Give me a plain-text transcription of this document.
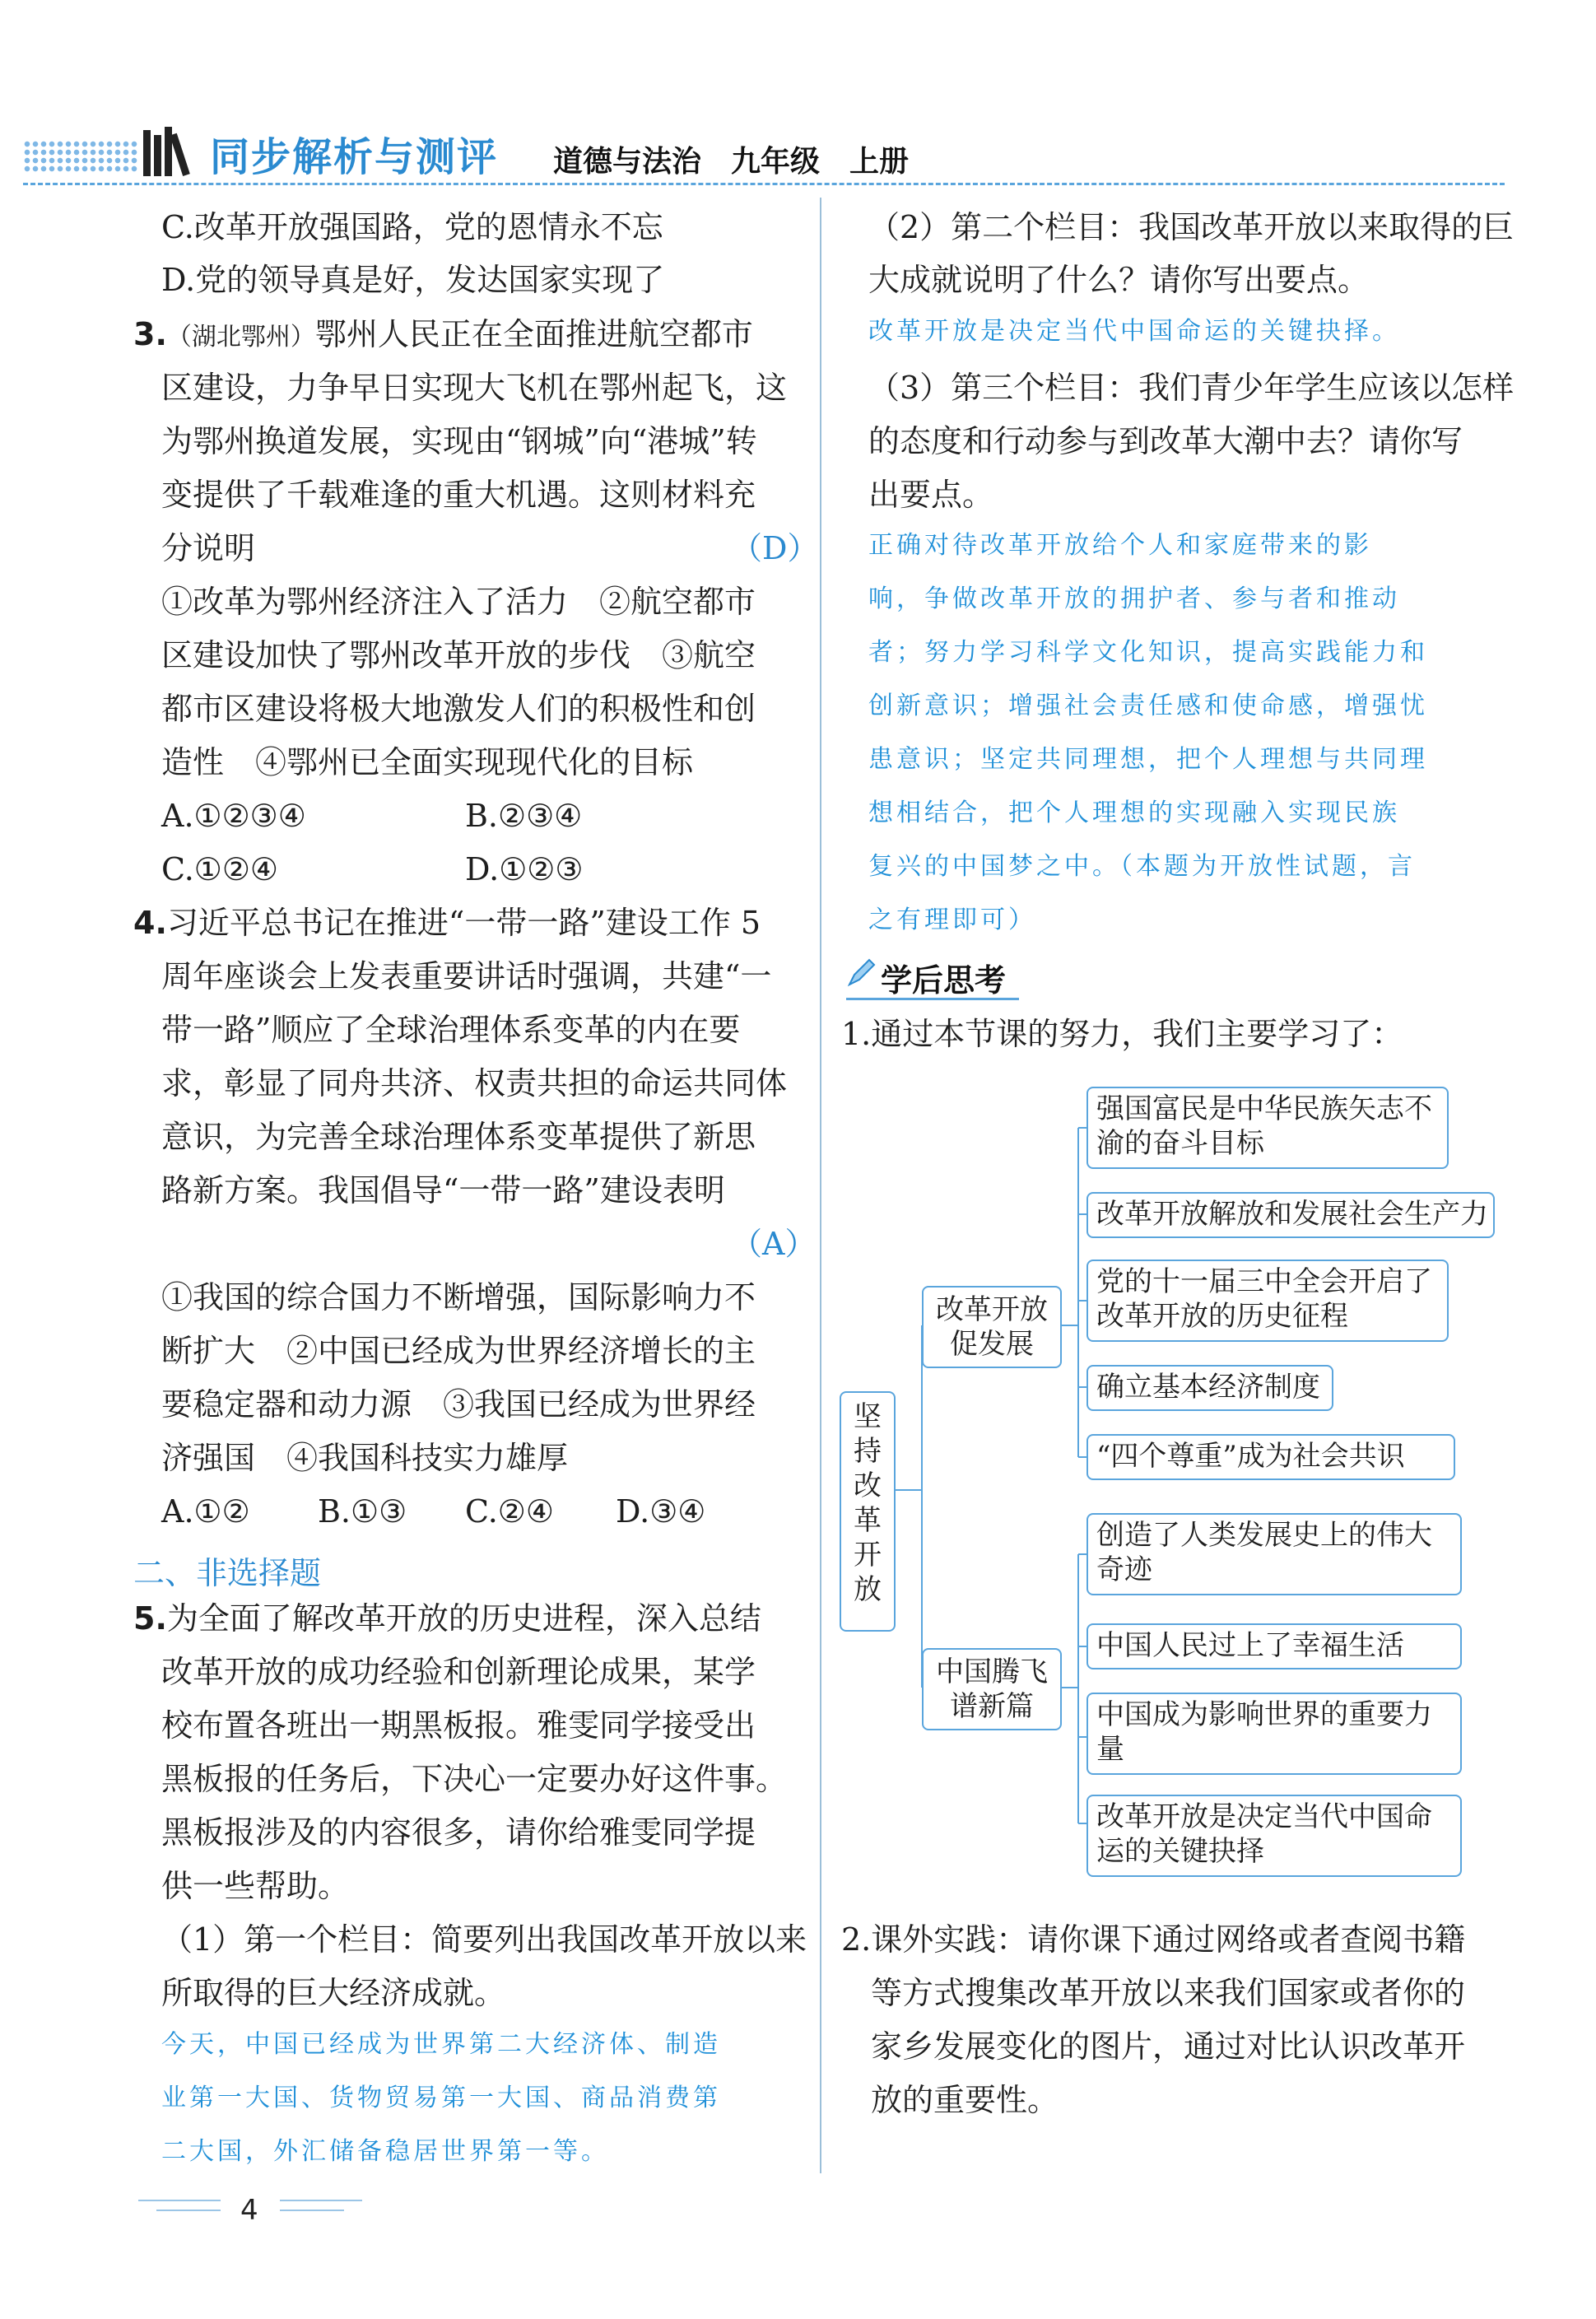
同步解析与测评 道德与法治　九年级　上册
C.改革开放强国路，党的恩情永不忘
D.党的领导真是好，发达国家实现了
3.（湖北鄂州）鄂州人民正在全面推进航空都市
区建设，力争早日实现大飞机在鄂州起飞，这
为鄂州换道发展，实现由“钢城”向“港城”转
变提供了千载难逢的重大机遇。这则材料充
分说明	（D）
①改革为鄂州经济注入了活力　②航空都市
区建设加快了鄂州改革开放的步伐　③航空
都市区建设将极大地激发人们的积极性和创
造性　④鄂州已全面实现现代化的目标
A.①②③④	B.②③④
C.①②④	D.①②③
4.习近平总书记在推进“一带一路”建设工作 5
周年座谈会上发表重要讲话时强调，共建“一
带一路”顺应了全球治理体系变革的内在要
求，彰显了同舟共济、权责共担的命运共同体
意识，为完善全球治理体系变革提供了新思
路新方案。我国倡导“一带一路”建设表明
（A）
①我国的综合国力不断增强，国际影响力不
断扩大　②中国已经成为世界经济增长的主
要稳定器和动力源　③我国已经成为世界经
济强国　④我国科技实力雄厚
A.①② B.①③ C.②④ D.③④
二、非选择题
5.为全面了解改革开放的历史进程，深入总结
改革开放的成功经验和创新理论成果，某学
校布置各班出一期黑板报。雅雯同学接受出
黑板报的任务后，下决心一定要办好这件事。
黑板报涉及的内容很多，请你给雅雯同学提
供一些帮助。
（1）第一个栏目：简要列出我国改革开放以来
所取得的巨大经济成就。
今天，中国已经成为世界第二大经济体、制造
业第一大国、货物贸易第一大国、商品消费第
二大国，外汇储备稳居世界第一等。
（2）第二个栏目：我国改革开放以来取得的巨
大成就说明了什么？请你写出要点。
改革开放是决定当代中国命运的关键抉择。
（3）第三个栏目：我们青少年学生应该以怎样
的态度和行动参与到改革大潮中去？请你写
出要点。
正确对待改革开放给个人和家庭带来的影
响，争做改革开放的拥护者、参与者和推动
者；努力学习科学文化知识，提高实践能力和
创新意识；增强社会责任感和使命感，增强忧
患意识；坚定共同理想，把个人理想与共同理
想相结合，把个人理想的实现融入实现民族
复兴的中国梦之中。（本题为开放性试题，言
之有理即可）
学后思考
1.通过本节课的努力，我们主要学习了：
坚
持
改
革
开
放
改革开放
促发展
中国腾飞
谱新篇
强国富民是中华民族矢志不
渝的奋斗目标
改革开放解放和发展社会生产力
党的十一届三中全会开启了
改革开放的历史征程
确立基本经济制度
“四个尊重”成为社会共识
创造了人类发展史上的伟大
奇迹
中国人民过上了幸福生活
中国成为影响世界的重要力
量
改革开放是决定当代中国命
运的关键抉择
2.课外实践：请你课下通过网络或者查阅书籍
等方式搜集改革开放以来我们国家或者你的
家乡发展变化的图片，通过对比认识改革开
放的重要性。
4
